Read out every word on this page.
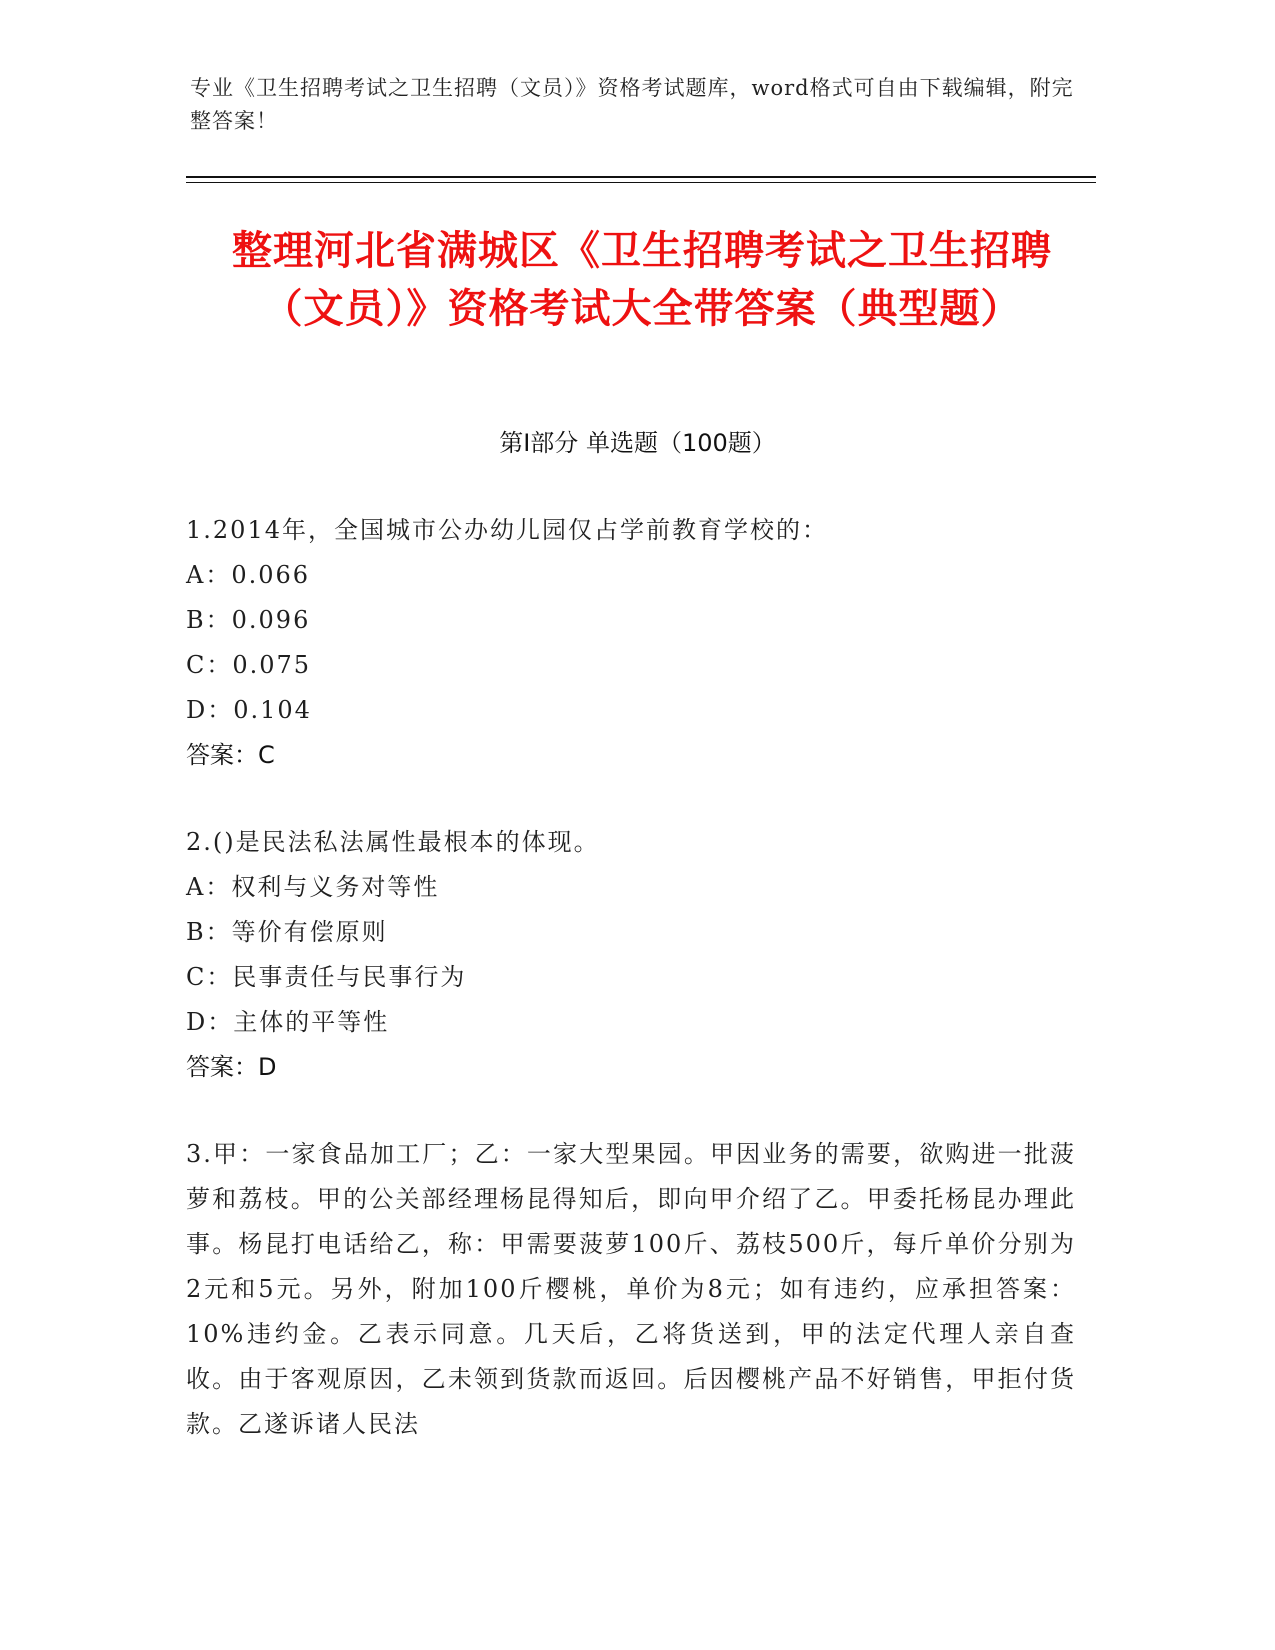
专业《卫生招聘考试之卫生招聘（文员）》资格考试题库，word格式可自由下载编辑，附完整答案！
整理河北省满城区《卫生招聘考试之卫生招聘（文员）》资格考试大全带答案（典型题）
第I部分 单选题（100题）
1.2014年，全国城市公办幼儿园仅占学前教育学校的：
A：0.066
B：0.096
C：0.075
D：0.104
答案：C
2.()是民法私法属性最根本的体现。
A：权利与义务对等性
B：等价有偿原则
C：民事责任与民事行为
D：主体的平等性
答案：D
3.甲：一家食品加工厂；乙：一家大型果园。甲因业务的需要，欲购进一批菠萝和荔枝。甲的公关部经理杨昆得知后，即向甲介绍了乙。甲委托杨昆办理此事。杨昆打电话给乙，称：甲需要菠萝100斤、荔枝500斤，每斤单价分别为2元和5元。另外，附加100斤樱桃，单价为8元；如有违约，应承担答案：10%违约金。乙表示同意。几天后，乙将货送到，甲的法定代理人亲自查收。由于客观原因，乙未领到货款而返回。后因樱桃产品不好销售，甲拒付货款。乙遂诉诸人民法
